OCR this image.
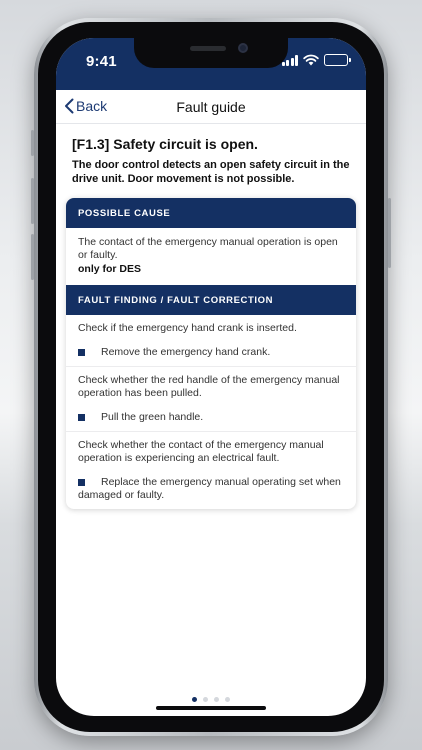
9:41
Back	Fault guide
[F1.3] Safety circuit is open.
The door control detects an open safety circuit in the drive unit. Door movement is not possible.
POSSIBLE CAUSE
The contact of the emergency manual operation is open or faulty.
only for DES
FAULT FINDING / FAULT CORRECTION
Check if the emergency hand crank is inserted.
Remove the emergency hand crank.
Check whether the red handle of the emergency manual operation has been pulled.
Pull the green handle.
Check whether the contact of the emergency manual operation is experiencing an electrical fault.
Replace the emergency manual operating set when damaged or faulty.
